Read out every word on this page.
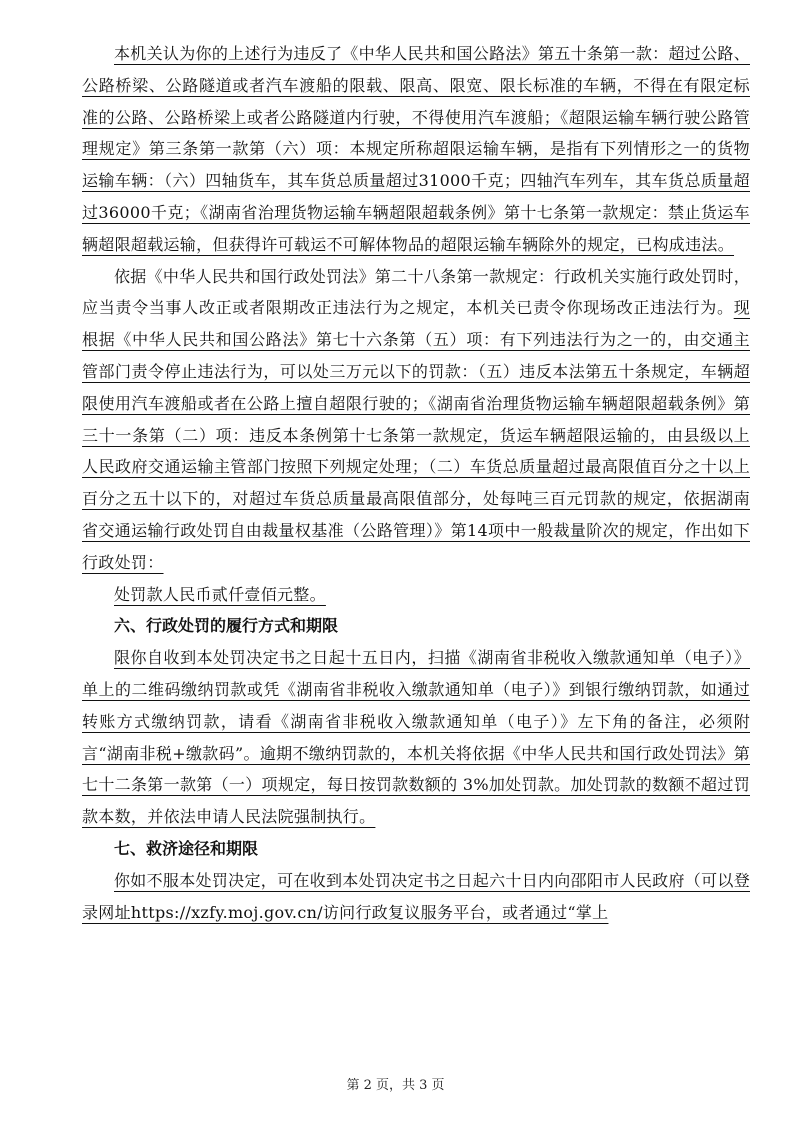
本机关认为你的上述行为违反了《中华人民共和国公路法》第五十条第一款：超过公路、公路桥梁、公路隧道或者汽车渡船的限载、限高、限宽、限长标准的车辆，不得在有限定标准的公路、公路桥梁上或者公路隧道内行驶，不得使用汽车渡船；《超限运输车辆行驶公路管理规定》第三条第一款第（六）项：本规定所称超限运输车辆，是指有下列情形之一的货物运输车辆：（六）四轴货车，其车货总质量超过31000千克；四轴汽车列车，其车货总质量超过36000千克；《湖南省治理货物运输车辆超限超载条例》第十七条第一款规定：禁止货运车辆超限超载运输，但获得许可载运不可解体物品的超限运输车辆除外的规定，已构成违法。

依据《中华人民共和国行政处罚法》第二十八条第一款规定：行政机关实施行政处罚时，应当责令当事人改正或者限期改正违法行为之规定，本机关已责令你现场改正违法行为。现根据《中华人民共和国公路法》第七十六条第（五）项：有下列违法行为之一的，由交通主管部门责令停止违法行为，可以处三万元以下的罚款：（五）违反本法第五十条规定，车辆超限使用汽车渡船或者在公路上擅自超限行驶的；《湖南省治理货物运输车辆超限超载条例》第三十一条第（二）项：违反本条例第十七条第一款规定，货运车辆超限运输的，由县级以上人民政府交通运输主管部门按照下列规定处理；（二）车货总质量超过最高限值百分之十以上百分之五十以下的，对超过车货总质量最高限值部分，处每吨三百元罚款的规定，依据湖南省交通运输行政处罚自由裁量权基准（公路管理）》第14项中一般裁量阶次的规定，作出如下行政处罚：

处罚款人民币贰仟壹佰元整。

六、行政处罚的履行方式和期限

限你自收到本处罚决定书之日起十五日内，扫描《湖南省非税收入缴款通知单（电子）》单上的二维码缴纳罚款或凭《湖南省非税收入缴款通知单（电子）》到银行缴纳罚款，如通过转账方式缴纳罚款，请看《湖南省非税收入缴款通知单（电子）》左下角的备注，必须附言“湖南非税+缴款码”。逾期不缴纳罚款的，本机关将依据《中华人民共和国行政处罚法》第七十二条第一款第（一）项规定，每日按罚款数额的 3%加处罚款。加处罚款的数额不超过罚款本数，并依法申请人民法院强制执行。

七、救济途径和期限

你如不服本处罚决定，可在收到本处罚决定书之日起六十日内向邵阳市人民政府（可以登录网址https://xzfy.moj.gov.cn/访问行政复议服务平台，或者通过“掌上

第 2 页，共 3 页
